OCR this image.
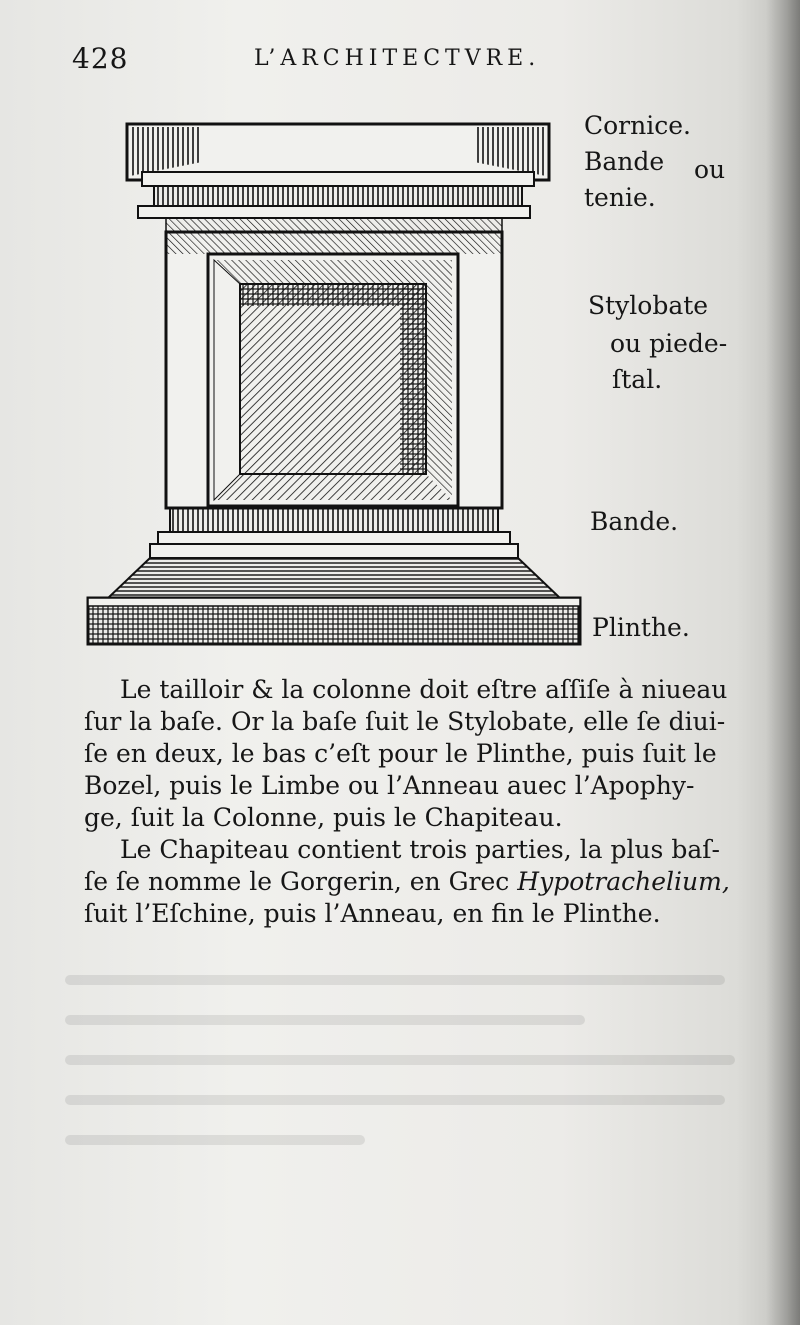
428	L’ARCHITECTVRE.
Cornice.
Bande ou
tenie.
Stylobate
ou piede-
ſtal.
Bande.
Plinthe.

Le tailloir & la colonne doit eſtre aſſiſe à niueau
ſur la baſe. Or la baſe ſuit le Stylobate, elle ſe diui-
ſe en deux, le bas c’eſt pour le Plinthe, puis ſuit le
Bozel, puis le Limbe ou l’Anneau auec l’Apophy-
ge, ſuit la Colonne, puis le Chapiteau.

Le Chapiteau contient trois parties, la plus baſ-
ſe ſe nomme le Gorgerin, en Grec Hypotrachelium,
ſuit l’Eſchine, puis l’Anneau, en fin le Plinthe.
